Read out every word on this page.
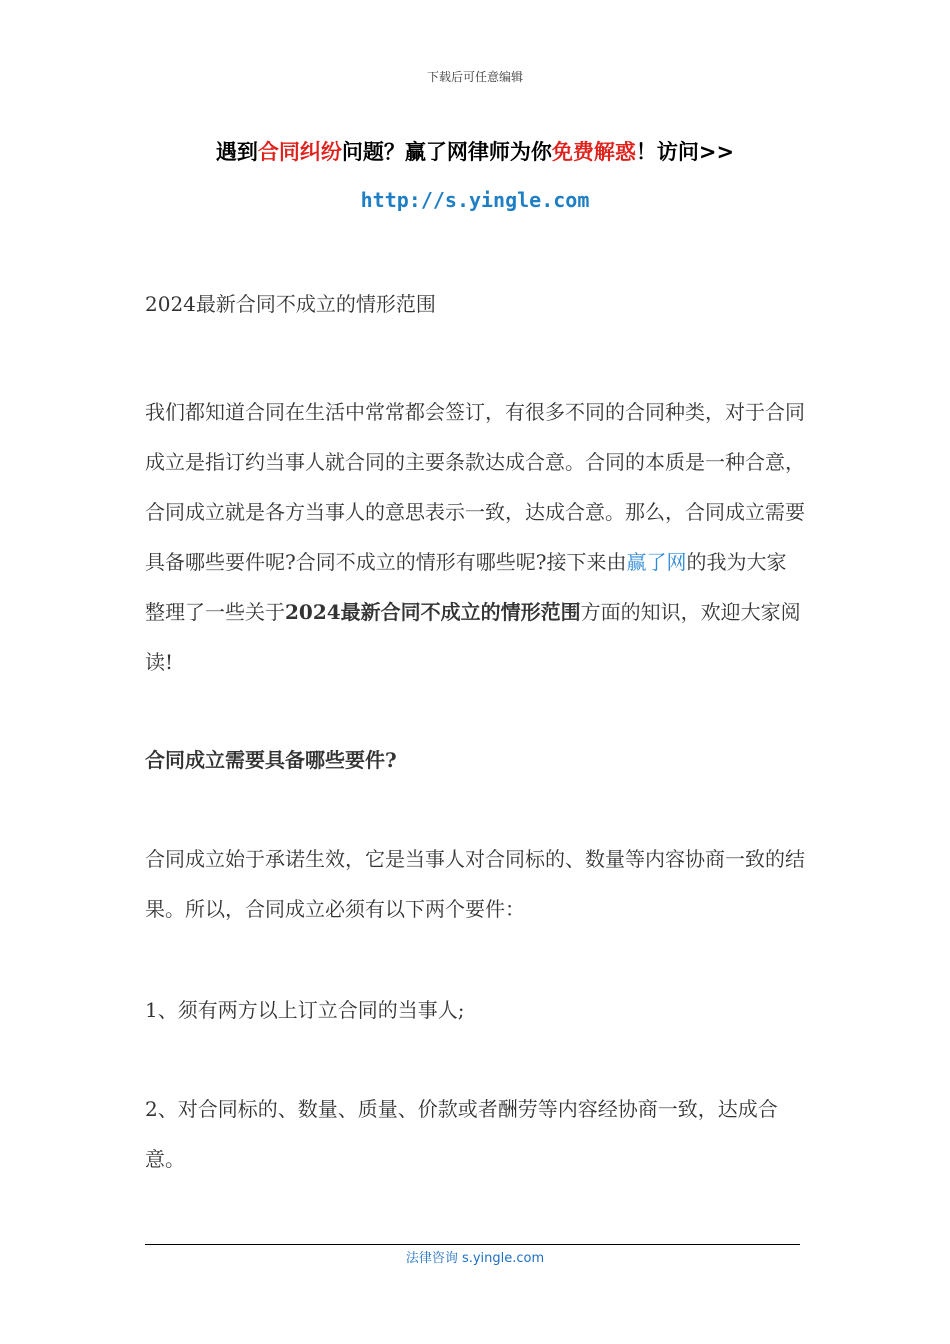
下载后可任意编辑
遇到合同纠纷问题？赢了网律师为你免费解惑！访问>>
http://s.yingle.com
2024最新合同不成立的情形范围
我们都知道合同在生活中常常都会签订，有很多不同的合同种类，对于合同成立是指订约当事人就合同的主要条款达成合意。合同的本质是一种合意，合同成立就是各方当事人的意思表示一致，达成合意。那么，合同成立需要具备哪些要件呢?合同不成立的情形有哪些呢?接下来由赢了网的我为大家整理了一些关于2024最新合同不成立的情形范围方面的知识，欢迎大家阅读!
合同成立需要具备哪些要件?
合同成立始于承诺生效，它是当事人对合同标的、数量等内容协商一致的结果。所以，合同成立必须有以下两个要件：
1、须有两方以上订立合同的当事人;
2、对合同标的、数量、质量、价款或者酬劳等内容经协商一致，达成合意。
法律咨询 s.yingle.com
